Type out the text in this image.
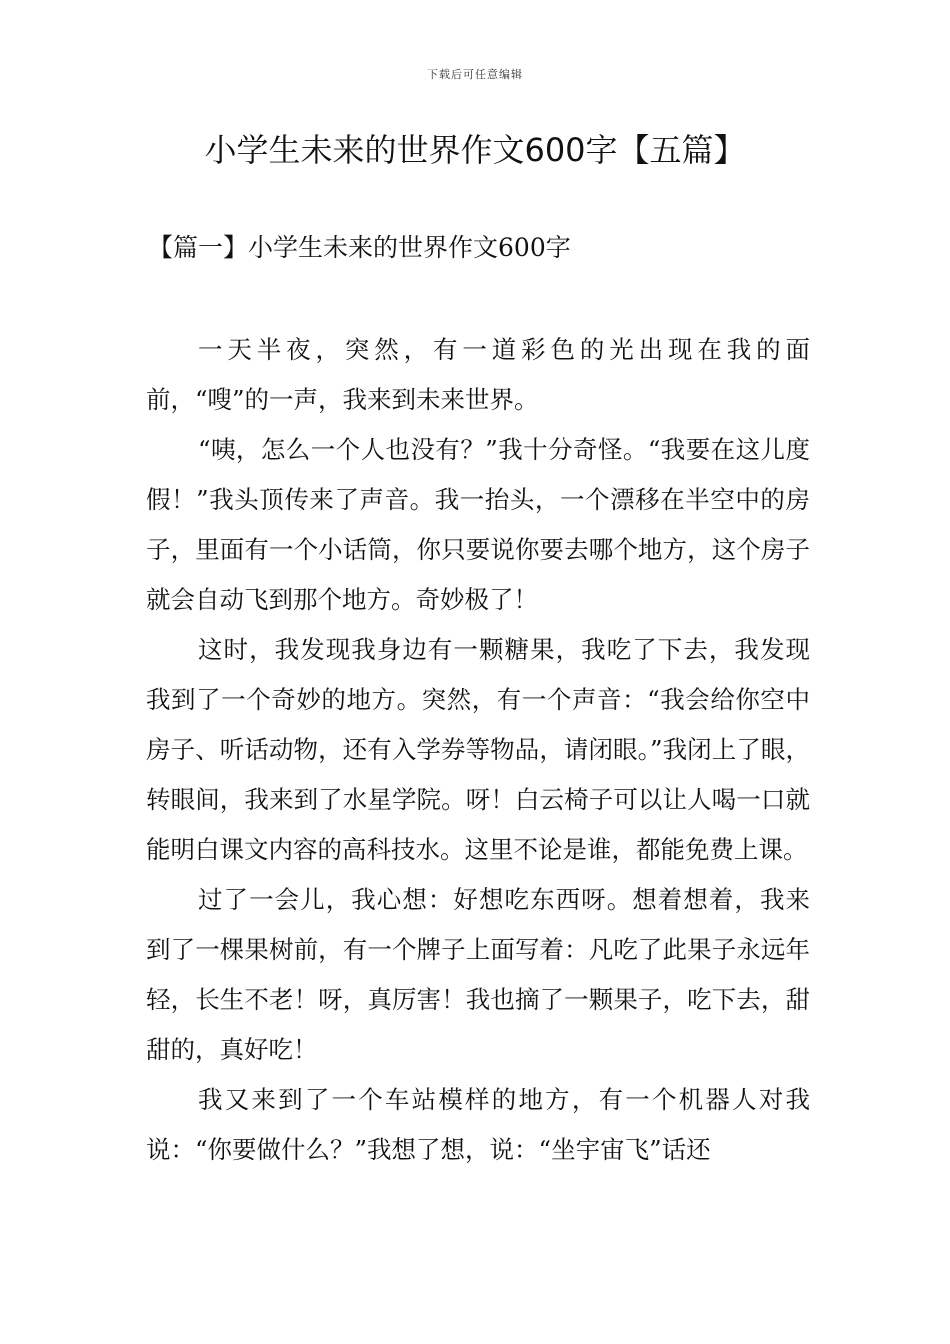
下载后可任意编辑
小学生未来的世界作文600字【五篇】
【篇一】小学生未来的世界作文600字

一天半夜，突然，有一道彩色的光出现在我的面前，“嗖”的一声，我来到未来世界。

“咦，怎么一个人也没有？”我十分奇怪。“我要在这儿度假！”我头顶传来了声音。我一抬头，一个漂移在半空中的房子，里面有一个小话筒，你只要说你要去哪个地方，这个房子就会自动飞到那个地方。奇妙极了！

这时，我发现我身边有一颗糖果，我吃了下去，我发现我到了一个奇妙的地方。突然，有一个声音：“我会给你空中房子、听话动物，还有入学券等物品，请闭眼。”我闭上了眼，转眼间，我来到了水星学院。呀！白云椅子可以让人喝一口就能明白课文内容的高科技水。这里不论是谁，都能免费上课。

过了一会儿，我心想：好想吃东西呀。想着想着，我来到了一棵果树前，有一个牌子上面写着：凡吃了此果子永远年轻，长生不老！呀，真厉害！我也摘了一颗果子，吃下去，甜甜的，真好吃！

我又来到了一个车站模样的地方，有一个机器人对我说：“你要做什么？”我想了想，说：“坐宇宙飞”话还
